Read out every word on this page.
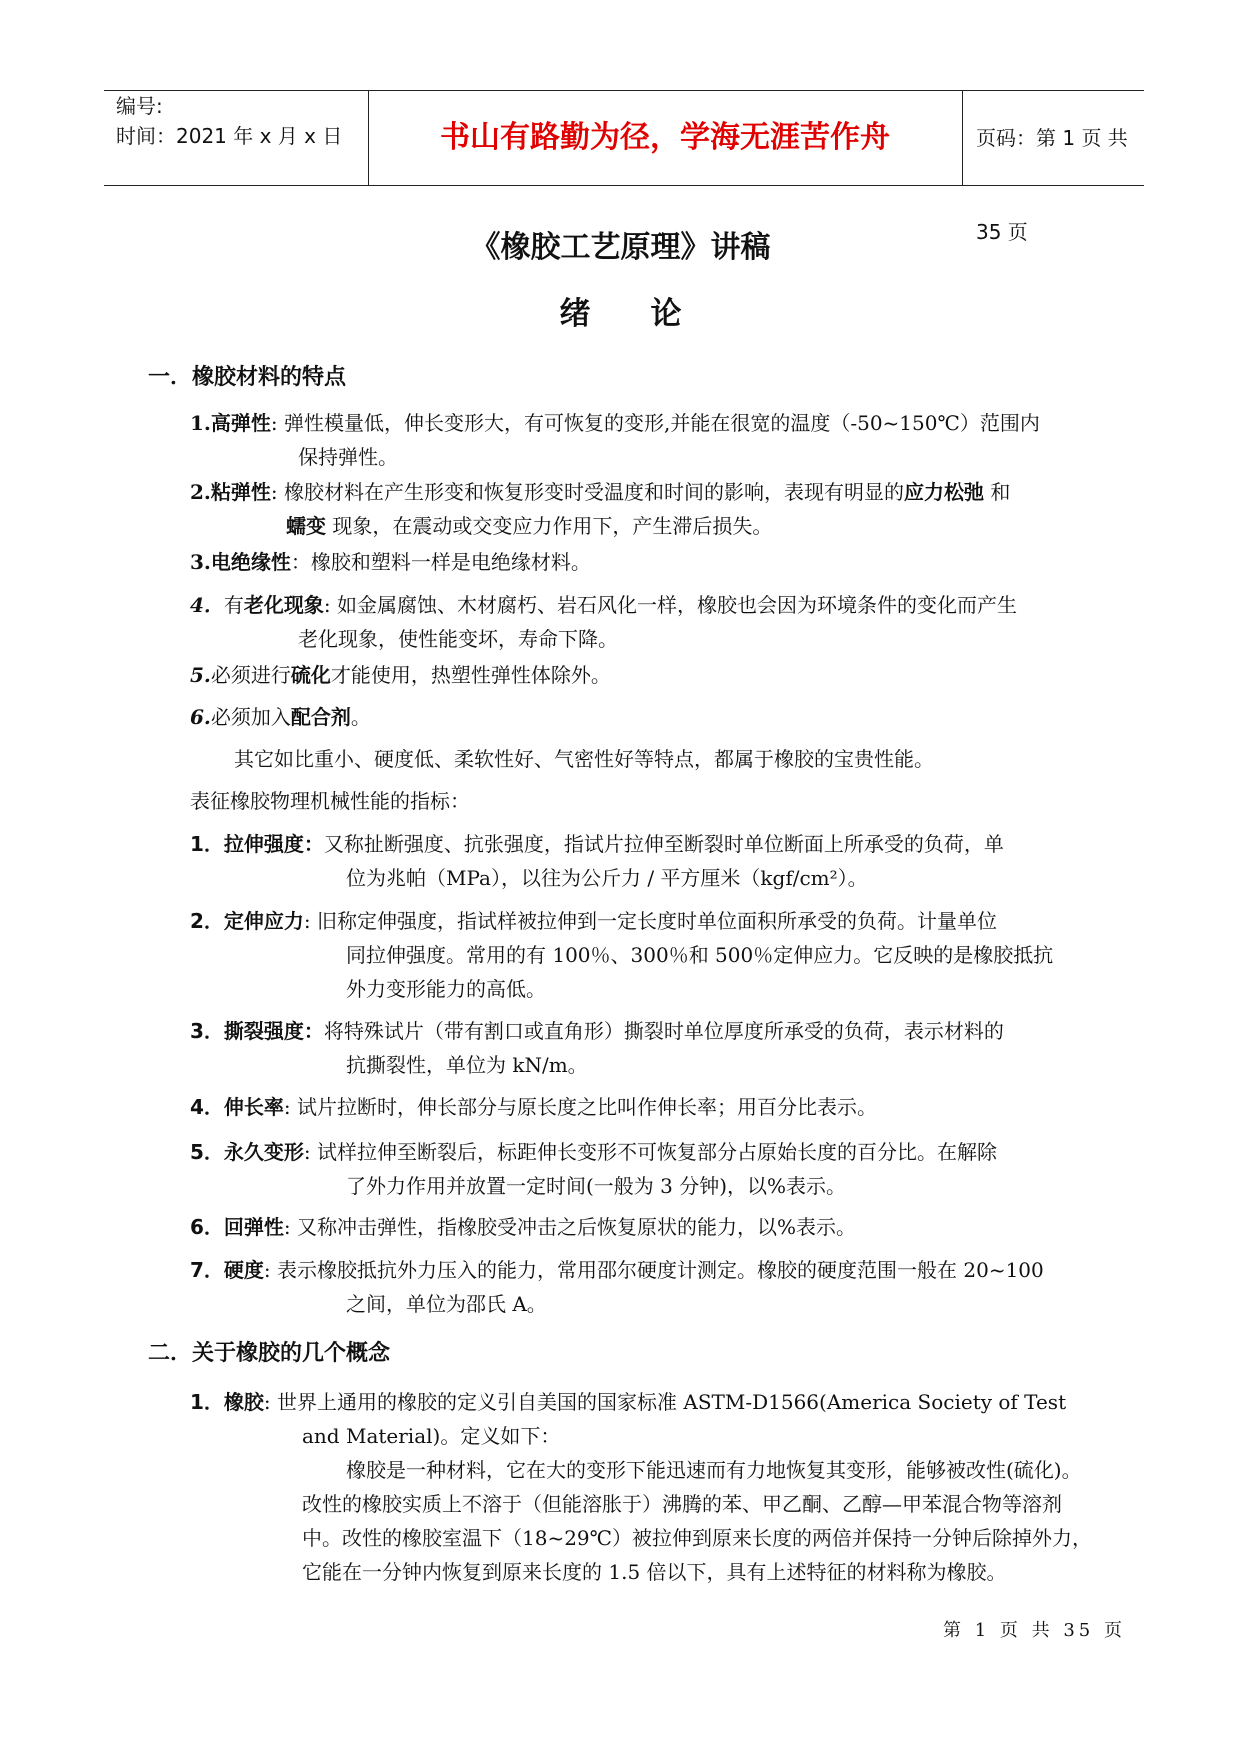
编号:
时间：2021 年 x 月 x 日	书山有路勤为径，学海无涯苦作舟	页码：第 1 页 共 35 页
《橡胶工艺原理》讲稿
绪论
一．橡胶材料的特点
1.高弹性: 弹性模量低，伸长变形大，有可恢复的变形,并能在很宽的温度（-50~150℃）范围内
保持弹性。
2.粘弹性: 橡胶材料在产生形变和恢复形变时受温度和时间的影响，表现有明显的应力松弛 和
蠕变 现象，在震动或交变应力作用下，产生滞后损失。
3.电绝缘性：橡胶和塑料一样是电绝缘材料。
4．有老化现象: 如金属腐蚀、木材腐朽、岩石风化一样，橡胶也会因为环境条件的变化而产生
老化现象，使性能变坏，寿命下降。
5.必须进行硫化才能使用，热塑性弹性体除外。
6.必须加入配合剂。
其它如比重小、硬度低、柔软性好、气密性好等特点，都属于橡胶的宝贵性能。
表征橡胶物理机械性能的指标：
1．拉伸强度：又称扯断强度、抗张强度，指试片拉伸至断裂时单位断面上所承受的负荷，单
位为兆帕（MPa），以往为公斤力 / 平方厘米（kgf/cm²）。
2．定伸应力: 旧称定伸强度，指试样被拉伸到一定长度时单位面积所承受的负荷。计量单位
同拉伸强度。常用的有 100％、300％和 500％定伸应力。它反映的是橡胶抵抗
外力变形能力的高低。
3．撕裂强度：将特殊试片（带有割口或直角形）撕裂时单位厚度所承受的负荷，表示材料的
抗撕裂性，单位为 kN/m。
4．伸长率: 试片拉断时，伸长部分与原长度之比叫作伸长率；用百分比表示。
5．永久变形: 试样拉伸至断裂后，标距伸长变形不可恢复部分占原始长度的百分比。在解除
了外力作用并放置一定时间(一般为 3 分钟)，以%表示。
6．回弹性: 又称冲击弹性，指橡胶受冲击之后恢复原状的能力，以%表示。
7．硬度: 表示橡胶抵抗外力压入的能力，常用邵尔硬度计测定。橡胶的硬度范围一般在 20~100
之间，单位为邵氏 A。
二．关于橡胶的几个概念
1．橡胶: 世界上通用的橡胶的定义引自美国的国家标准 ASTM-D1566(America Society of Test
and Material)。定义如下：
橡胶是一种材料，它在大的变形下能迅速而有力地恢复其变形，能够被改性(硫化)。改性的橡胶实质上不溶于（但能溶胀于）沸腾的苯、甲乙酮、乙醇—甲苯混合物等溶剂中。改性的橡胶室温下（18~29℃）被拉伸到原来长度的两倍并保持一分钟后除掉外力，它能在一分钟内恢复到原来长度的 1.5 倍以下，具有上述特征的材料称为橡胶。
第 1 页 共 35 页
